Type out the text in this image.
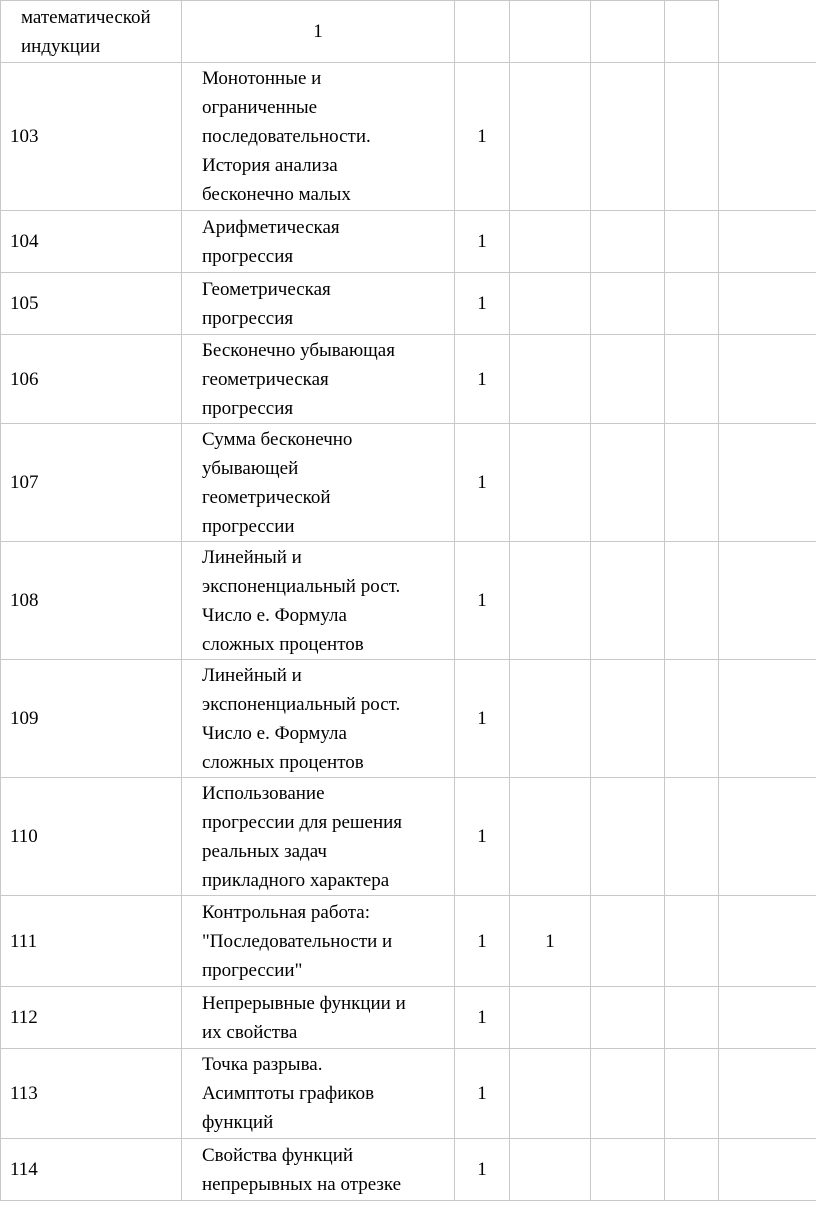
математической индукции	1					
103	Монотонные и
ограниченные
последовательности.
История анализа
бесконечно малых	1				
104	Арифметическая
прогрессия	1				
105	Геометрическая
прогрессия	1				
106	Бесконечно убывающая
геометрическая
прогрессия	1				
107	Сумма бесконечно
убывающей
геометрической
прогрессии	1				
108	Линейный и
экспоненциальный рост.
Число е. Формула
сложных процентов	1				
109	Линейный и
экспоненциальный рост.
Число е. Формула
сложных процентов	1				
110	Использование
прогрессии для решения
реальных задач
прикладного характера	1				
111	Контрольная работа:
"Последовательности и
прогрессии"	1	1			
112	Непрерывные функции и
их свойства	1				
113	Точка разрыва.
Асимптоты графиков
функций	1				
114	Свойства функций
непрерывных на отрезке	1				
